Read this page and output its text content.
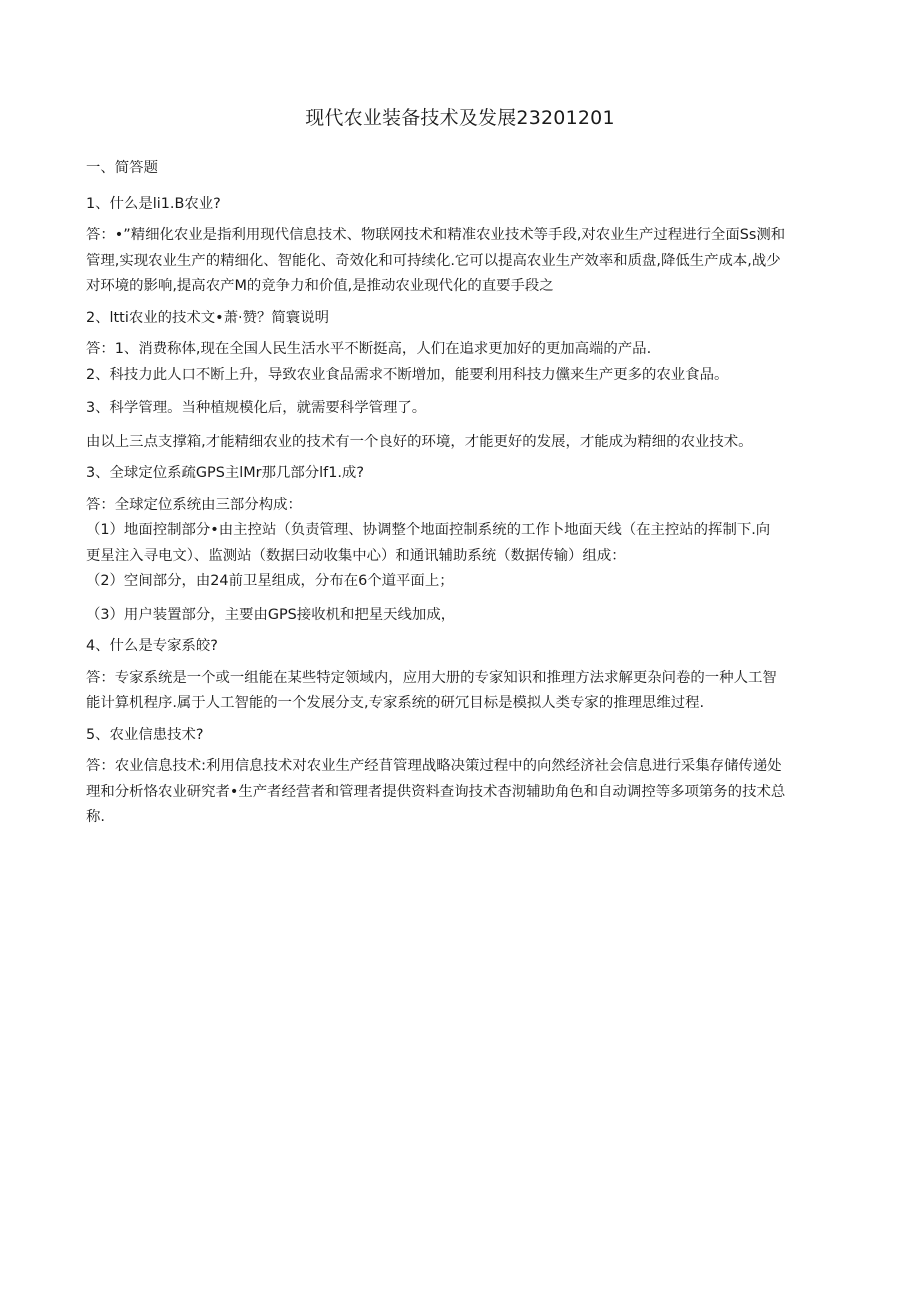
现代农业装备技术及发展23201201

一、简答题

1、什么是li1.B农业?

答：•”精细化农业是指利用现代信息技术、物联网技术和精准农业技术等手段,对农业生产过程进行全面Ss测和

管理,实现农业生产的精细化、智能化、奇效化和可持续化.它可以提高农业生产效率和质盘,降低生产成本,战少

对环境的影响,提高农产M的竞争力和价值,是推动农业现代化的直要手段之

2、ltti农业的技术文•萧·赞？简寰说明

答：1、消费称体,现在全国人民生活水平不断挺高，人们在追求更加好的更加高端的产品.

2、科技力此人口不断上升，导致农业食品需求不断增加，能要利用科技力儻来生产更多的农业食品。

3、科学管理。当种植规模化后，就需要科学管理了。

由以上三点支撑箱,才能精细农业的技术有一个良好的环境，才能更好的发展，才能成为精细的农业技术。

3、全球定位系疏GPS主lMr那几部分lf1.成?

答：全球定位系统由三部分构成：

（1）地面控制部分•由主控站（负责管理、协调整个地面控制系统的工作卜地面天线（在主控站的挥制下.向

更星注入寻电文）、监测站（数据曰动收集中心）和通讯辅助系统（数据传输）组成：

（2）空间部分，由24前卫星组成，分布在6个道平面上；

（3）用户装置部分，主要由GPS接收机和把星天线加成，

4、什么是专家系皎?

答：专家系统是一个或一组能在某些特定领域内，应用大册的专家知识和推理方法求解更杂问卷的一种人工智

能计算机程序.属于人工智能的一个发展分支,专家系统的研冗目标是模拟人类专家的推理思维过程.

5、农业信患技术?

答：农业信息技术:利用信息技术对农业生产经苜管理战略决策过程中的向然经济社会信息进行采集存储传递处

理和分析恪农业研究者•生产者经营者和管理者提供资料查询技术杳沏辅助角色和自动调控等多项第务的技术总

称.
